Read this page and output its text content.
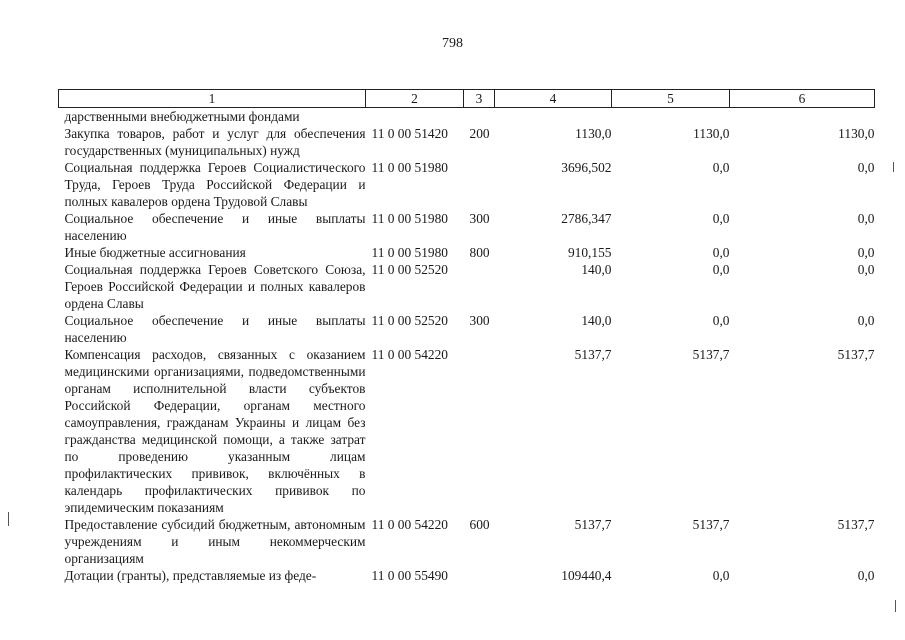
798
1	2	3	4	5	6
дарственными внебюджетными фондами					
Закупка товаров, работ и услуг для обеспечения государственных (муниципальных) нужд	11 0 00 51420	200	1130,0	1130,0	1130,0
Социальная поддержка Героев Социалистического Труда, Героев Труда Российской Федерации и полных кавалеров ордена Трудовой Славы	11 0 00 51980		3696,502	0,0	0,0
Социальное обеспечение и иные выплаты населению	11 0 00 51980	300	2786,347	0,0	0,0
Иные бюджетные ассигнования	11 0 00 51980	800	910,155	0,0	0,0
Социальная поддержка Героев Советского Союза, Героев Российской Федерации и полных кавалеров ордена Славы	11 0 00 52520		140,0	0,0	0,0
Социальное обеспечение и иные выплаты населению	11 0 00 52520	300	140,0	0,0	0,0
Компенсация расходов, связанных с оказанием медицинскими организациями, подведомственными органам исполнительной власти субъектов Российской Федерации, органам местного самоуправления, гражданам Украины и лицам без гражданства медицинской помощи, а также затрат по проведению указанным лицам профилактических прививок, включённых в календарь профилактических прививок по эпидемическим показаниям	11 0 00 54220		5137,7	5137,7	5137,7
Предоставление субсидий бюджетным, автономным учреждениям и иным некоммерческим организациям	11 0 00 54220	600	5137,7	5137,7	5137,7
Дотации (гранты), представляемые из феде-	11 0 00 55490		109440,4	0,0	0,0
